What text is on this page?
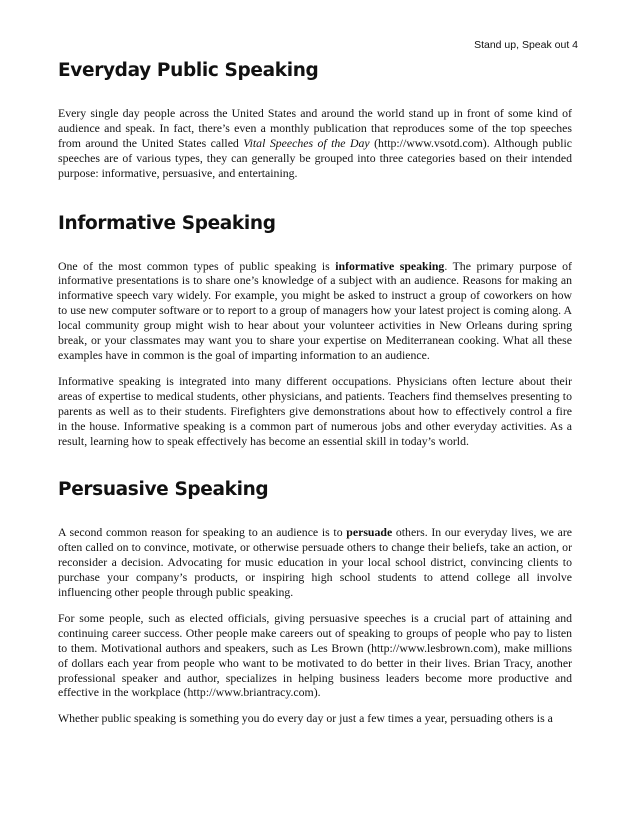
Stand up, Speak out 4
Everyday Public Speaking

Every single day people across the United States and around the world stand up in front of some kind of audience and speak. In fact, there’s even a monthly publication that reproduces some of the top speeches from around the United States called Vital Speeches of the Day (http://www.vsotd.com). Although public speeches are of various types, they can generally be grouped into three categories based on their intended purpose: informative, persuasive, and entertaining.

Informative Speaking

One of the most common types of public speaking is informative speaking. The primary purpose of informative presentations is to share one’s knowledge of a subject with an audience. Reasons for making an informative speech vary widely. For example, you might be asked to instruct a group of coworkers on how to use new computer software or to report to a group of managers how your latest project is coming along. A local community group might wish to hear about your volunteer activities in New Orleans during spring break, or your classmates may want you to share your expertise on Mediterranean cooking. What all these examples have in common is the goal of imparting information to an audience.

Informative speaking is integrated into many different occupations. Physicians often lecture about their areas of expertise to medical students, other physicians, and patients. Teachers find themselves presenting to parents as well as to their students. Firefighters give demonstrations about how to effectively control a fire in the house. Informative speaking is a common part of numerous jobs and other everyday activities. As a result, learning how to speak effectively has become an essential skill in today’s world.

Persuasive Speaking

A second common reason for speaking to an audience is to persuade others. In our everyday lives, we are often called on to convince, motivate, or otherwise persuade others to change their beliefs, take an action, or reconsider a decision. Advocating for music education in your local school district, convincing clients to purchase your company’s products, or inspiring high school students to attend college all involve influencing other people through public speaking.

For some people, such as elected officials, giving persuasive speeches is a crucial part of attaining and continuing career success. Other people make careers out of speaking to groups of people who pay to listen to them. Motivational authors and speakers, such as Les Brown (http://www.lesbrown.com), make millions of dollars each year from people who want to be motivated to do better in their lives. Brian Tracy, another professional speaker and author, specializes in helping business leaders become more productive and effective in the workplace (http://www.briantracy.com).

Whether public speaking is something you do every day or just a few times a year, persuading others is a
